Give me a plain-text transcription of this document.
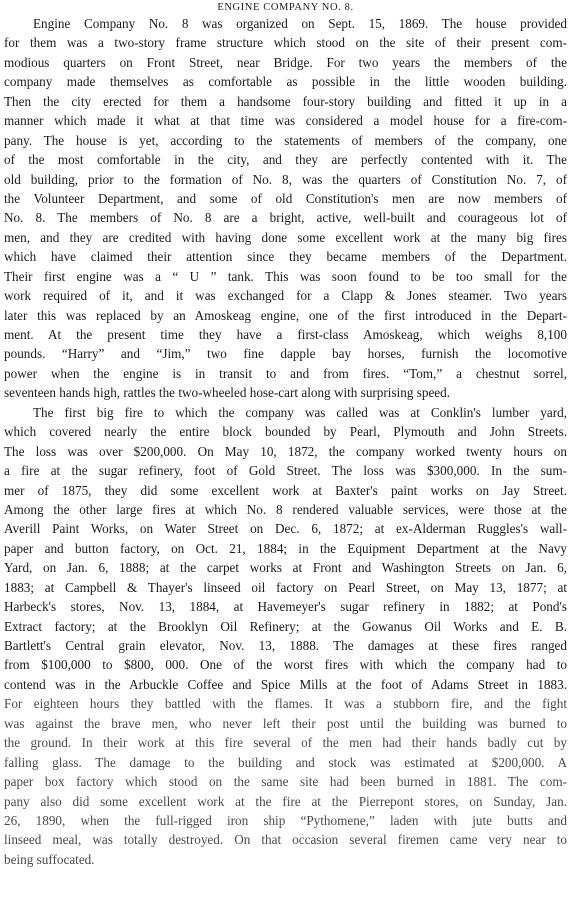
ENGINE COMPANY NO. 8.
Engine Company No. 8 was organized on Sept. 15, 1869. The house provided
for them was a two-story frame structure which stood on the site of their present com-
modious quarters on Front Street, near Bridge. For two years the members of the
company made themselves as comfortable as possible in the little wooden building.
Then the city erected for them a handsome four-story building and fitted it up in a
manner which made it what at that time was considered a model house for a fire-com-
pany. The house is yet, according to the statements of members of the company, one
of the most comfortable in the city, and they are perfectly contented with it. The
old building, prior to the formation of No. 8, was the quarters of Constitution No. 7, of
the Volunteer Department, and some of old Constitution's men are now members of
No. 8. The members of No. 8 are a bright, active, well-built and courageous lot of
men, and they are credited with having done some excellent work at the many big fires
which have claimed their attention since they became members of the Department.
Their first engine was a “ U ” tank. This was soon found to be too small for the
work required of it, and it was exchanged for a Clapp & Jones steamer. Two years
later this was replaced by an Amoskeag engine, one of the first introduced in the Depart-
ment. At the present time they have a first-class Amoskeag, which weighs 8,100
pounds. “Harry” and “Jim,” two fine dapple bay horses, furnish the locomotive
power when the engine is in transit to and from fires. “Tom,” a chestnut sorrel,
seventeen hands high, rattles the two-wheeled hose-cart along with surprising speed.
The first big fire to which the company was called was at Conklin's lumber yard,
which covered nearly the entire block bounded by Pearl, Plymouth and John Streets.
The loss was over $200,000. On May 10, 1872, the company worked twenty hours on
a fire at the sugar refinery, foot of Gold Street. The loss was $300,000. In the sum-
mer of 1875, they did some excellent work at Baxter's paint works on Jay Street.
Among the other large fires at which No. 8 rendered valuable services, were those at the
Averill Paint Works, on Water Street on Dec. 6, 1872; at ex-Alderman Ruggles's wall-
paper and button factory, on Oct. 21, 1884; in the Equipment Department at the Navy
Yard, on Jan. 6, 1888; at the carpet works at Front and Washington Streets on Jan. 6,
1883; at Campbell & Thayer's linseed oil factory on Pearl Street, on May 13, 1877; at
Harbeck's stores, Nov. 13, 1884, at Havemeyer's sugar refinery in 1882; at Pond's
Extract factory; at the Brooklyn Oil Refinery; at the Gowanus Oil Works and E. B.
Bartlett's Central grain elevator, Nov. 13, 1888. The damages at these fires ranged
from $100,000 to $800, 000. One of the worst fires with which the company had to
contend was in the Arbuckle Coffee and Spice Mills at the foot of Adams Street in 1883.
For eighteen hours they battled with the flames. It was a stubborn fire, and the fight
was against the brave men, who never left their post until the building was burned to
the ground. In their work at this fire several of the men had their hands badly cut by
falling glass. The damage to the building and stock was estimated at $200,000. A
paper box factory which stood on the same site had been burned in 1881. The com-
pany also did some excellent work at the fire at the Pierrepont stores, on Sunday, Jan.
26, 1890, when the full-rigged iron ship “Pythomene,” laden with jute butts and
linseed meal, was totally destroyed. On that occasion several firemen came very near to
being suffocated.
